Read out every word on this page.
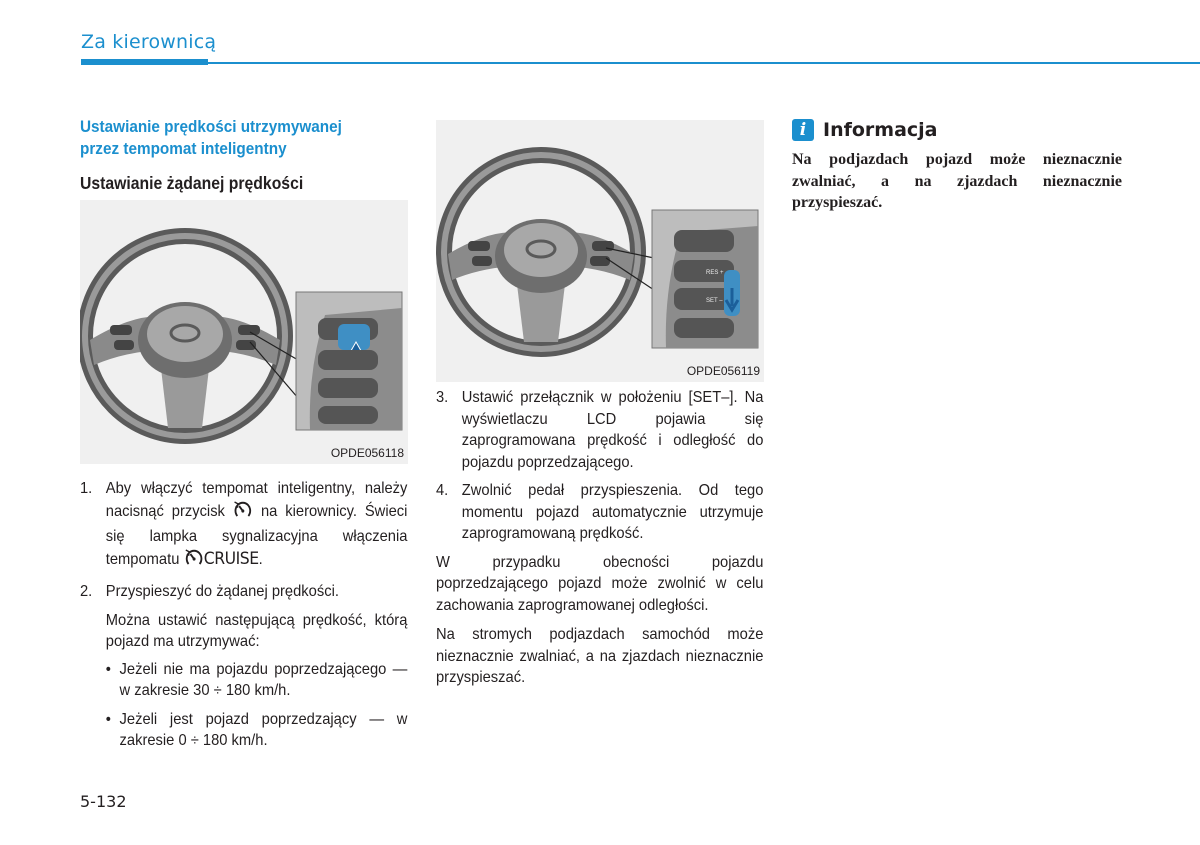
Za kierownicą
Ustawianie prędkości utrzymywanej przez tempomat inteligentny
Ustawianie żądanej prędkości
OPDE056118
1. Aby włączyć tempomat inteligentny, należy nacisnąć przycisk na kierownicy. Świeci się lampka sygnalizacyjna włączenia tempomatu CRUISE.
2. Przyspieszyć do żądanej prędkości.
Można ustawić następującą prędkość, którą pojazd ma utrzymywać:
• Jeżeli nie ma pojazdu poprzedzającego — w zakresie 30 ÷ 180 km/h.
• Jeżeli jest pojazd poprzedzający — w zakresie 0 ÷ 180 km/h.
RES +
SET –
OPDE056119
3. Ustawić przełącznik w położeniu [SET–]. Na wyświetlaczu LCD pojawia się zaprogramowana prędkość i odległość do pojazdu poprzedzającego.
4. Zwolnić pedał przyspieszenia. Od tego momentu pojazd automatycznie utrzymuje zaprogramowaną prędkość.

W przypadku obecności pojazdu poprzedzającego pojazd może zwolnić w celu zachowania zaprogramowanej odległości.

Na stromych podjazdach samochód może nieznacznie zwalniać, a na zjazdach nieznacznie przyspieszać.

i Informacja

Na podjazdach pojazd może nieznacznie zwalniać, a na zjazdach nieznacznie przyspieszać.

5-132
